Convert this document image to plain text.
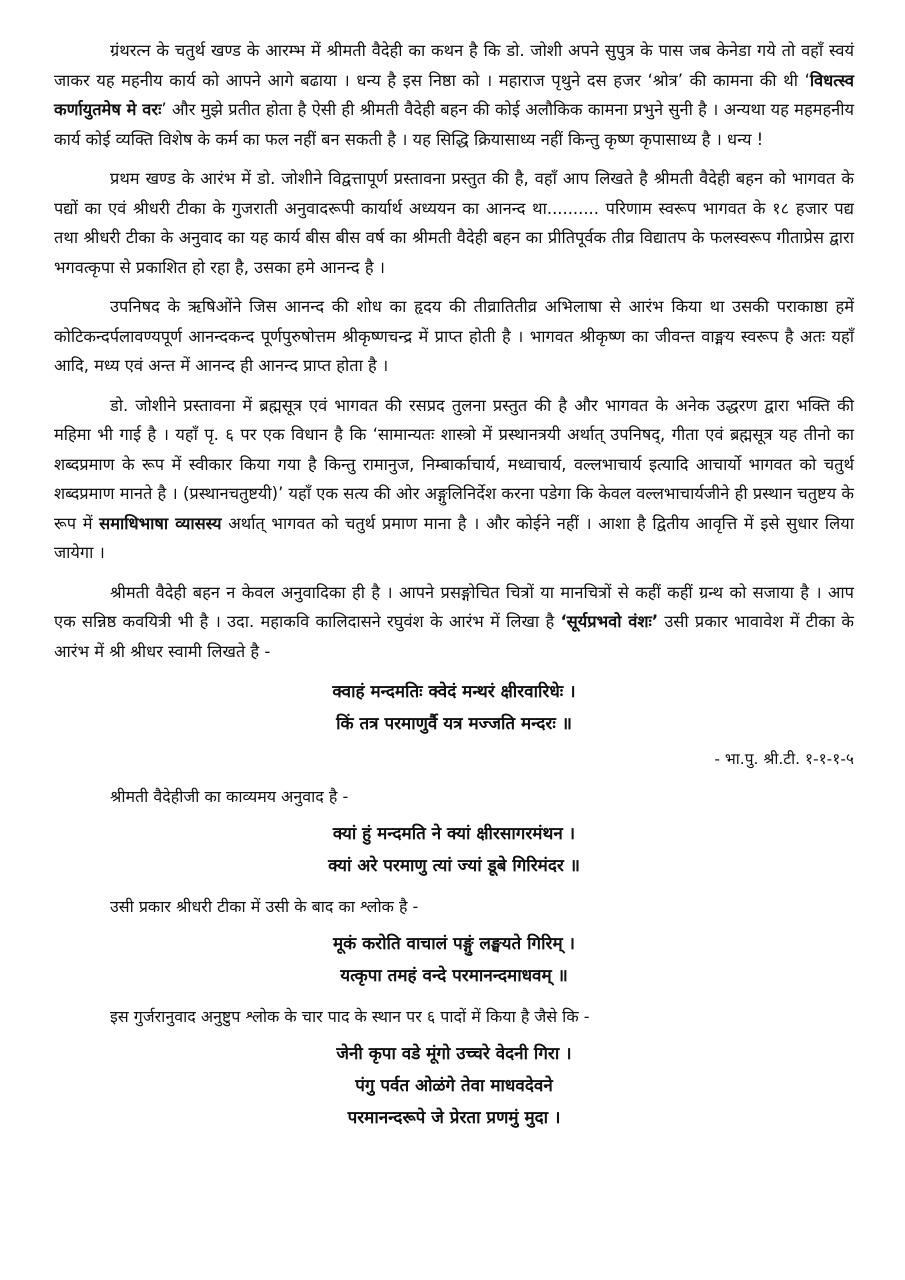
ग्रंथरत्न के चतुर्थ खण्ड के आरम्भ में श्रीमती वैदेही का कथन है कि डो. जोशी अपने सुपुत्र के पास जब केनेडा गये तो वहाँ स्वयं जाकर यह महनीय कार्य को आपने आगे बढाया । धन्य है इस निष्ठा को । महाराज पृथुने दस हजर ‘श्रोत्र’ की कामना की थी ‘विधत्स्व कर्णायुतमेष मे वरः’ और मुझे प्रतीत होता है ऐसी ही श्रीमती वैदेही बहन की कोई अलौकिक कामना प्रभुने सुनी है । अन्यथा यह महमहनीय कार्य कोई व्यक्ति विशेष के कर्म का फल नहीं बन सकती है । यह सिद्धि क्रियासाध्य नहीं किन्तु कृष्ण कृपासाध्य है । धन्य !

प्रथम खण्ड के आरंभ में डो. जोशीने विद्वत्तापूर्ण प्रस्तावना प्रस्तुत की है, वहाँ आप लिखते है श्रीमती वैदेही बहन को भागवत के पद्यों का एवं श्रीधरी टीका के गुजराती अनुवादरूपी कार्यार्थ अध्ययन का आनन्द था.......... परिणाम स्वरूप भागवत के १८ हजार पद्य तथा श्रीधरी टीका के अनुवाद का यह कार्य बीस बीस वर्ष का श्रीमती वैदेही बहन का प्रीतिपूर्वक तीव्र विद्यातप के फलस्वरूप गीताप्रेस द्वारा भगवत्कृपा से प्रकाशित हो रहा है, उसका हमे आनन्द है ।

उपनिषद के ऋषिओंने जिस आनन्द की शोध का हृदय की तीव्रातितीव्र अभिलाषा से आरंभ किया था उसकी पराकाष्ठा हमें कोटिकन्दर्पलावण्यपूर्ण आनन्दकन्द पूर्णपुरुषोत्तम श्रीकृष्णचन्द्र में प्राप्त होती है । भागवत श्रीकृष्ण का जीवन्त वाङ्मय स्वरूप है अतः यहाँ आदि, मध्य एवं अन्त में आनन्द ही आनन्द प्राप्त होता है ।

डो. जोशीने प्रस्तावना में ब्रह्मसूत्र एवं भागवत की रसप्रद तुलना प्रस्तुत की है और भागवत के अनेक उद्धरण द्वारा भक्ति की महिमा भी गाई है । यहाँ पृ. ६ पर एक विधान है कि ‘सामान्यतः शास्त्रो में प्रस्थानत्रयी अर्थात् उपनिषद्, गीता एवं ब्रह्मसूत्र यह तीनो का शब्दप्रमाण के रूप में स्वीकार किया गया है किन्तु रामानुज, निम्बार्काचार्य, मध्वाचार्य, वल्लभाचार्य इत्यादि आचार्यो भागवत को चतुर्थ शब्दप्रमाण मानते है । (प्रस्थानचतुष्टयी)’ यहाँ एक सत्य की ओर अङ्गुलिनिर्देश करना पडेगा कि केवल वल्लभाचार्यजीने ही प्रस्थान चतुष्टय के रूप में समाधिभाषा व्यासस्य अर्थात् भागवत को चतुर्थ प्रमाण माना है । और कोईने नहीं । आशा है द्वितीय आवृत्ति में इसे सुधार लिया जायेगा ।

श्रीमती वैदेही बहन न केवल अनुवादिका ही है । आपने प्रसङ्गोचित चित्रों या मानचित्रों से कहीं कहीं ग्रन्थ को सजाया है । आप एक सन्निष्ठ कवयित्री भी है । उदा. महाकवि कालिदासने रघुवंश के आरंभ में लिखा है ‘सूर्यप्रभवो वंशः’ उसी प्रकार भावावेश में टीका के आरंभ में श्री श्रीधर स्वामी लिखते है -

क्वाहं मन्दमतिः क्वेदं मन्थरं क्षीरवारिधेः ।
किं तत्र परमाणुर्वै यत्र मज्जति मन्दरः ॥
- भा.पु. श्री.टी. १-१-१-५
श्रीमती वैदेहीजी का काव्यमय अनुवाद है -
क्यां हुं मन्दमति ने क्यां क्षीरसागरमंथन ।
क्यां अरे परमाणु त्यां ज्यां डूबे गिरिमंदर ॥
उसी प्रकार श्रीधरी टीका में उसी के बाद का श्लोक है -
मूकं करोति वाचालं पङ्गुं लङ्घयते गिरिम् ।
यत्कृपा तमहं वन्दे परमानन्दमाधवम् ॥
इस गुर्जरानुवाद अनुष्टुप श्लोक के चार पाद के स्थान पर ६ पादों में किया है जैसे कि -
जेनी कृपा वडे मूंगो उच्चरे वेदनी गिरा ।
पंगु पर्वत ओळंगे तेवा माधवदेवने
परमानन्दरूपे जे प्रेरता प्रणमुं मुदा ।
